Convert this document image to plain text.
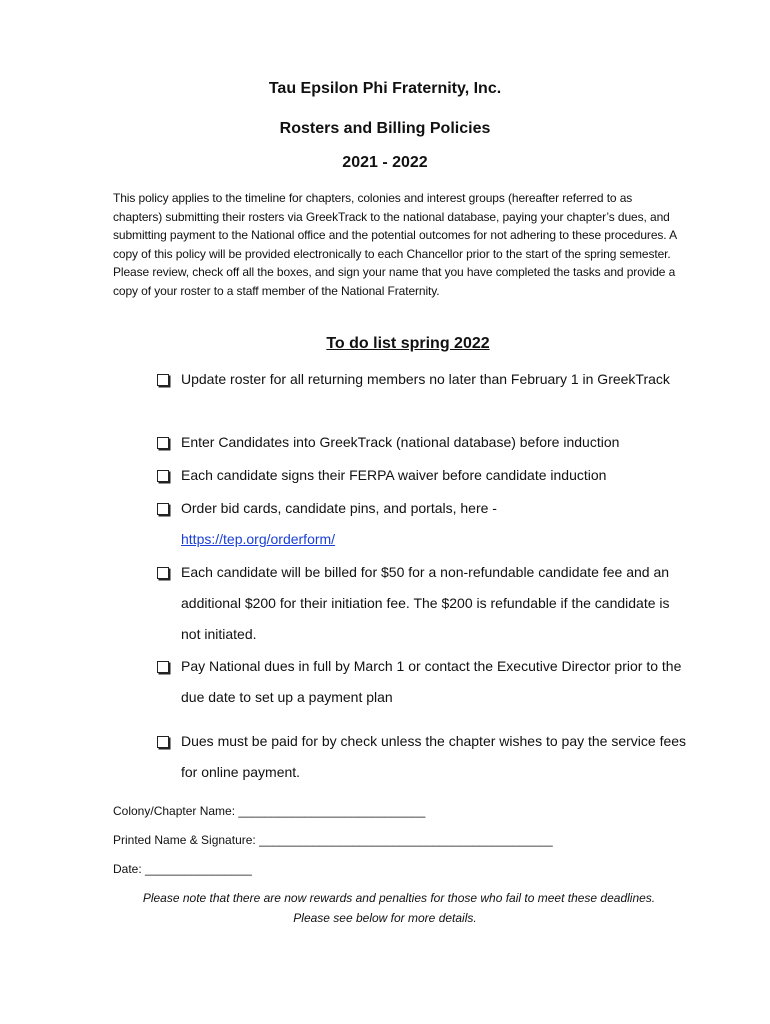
Tau Epsilon Phi Fraternity, Inc.
Rosters and Billing Policies
2021 - 2022

This policy applies to the timeline for chapters, colonies and interest groups (hereafter referred to as chapters) submitting their rosters via GreekTrack to the national database, paying your chapter’s dues, and submitting payment to the National office and the potential outcomes for not adhering to these procedures. A copy of this policy will be provided electronically to each Chancellor prior to the start of the spring semester. Please review, check off all the boxes, and sign your name that you have completed the tasks and provide a copy of your roster to a staff member of the National Fraternity.

To do list spring 2022
Update roster for all returning members no later than February 1 in GreekTrack
Enter Candidates into GreekTrack (national database) before induction
Each candidate signs their FERPA waiver before candidate induction
Order bid cards, candidate pins, and portals, here -
https://tep.org/orderform/
Each candidate will be billed for $50 for a non-refundable candidate fee and an additional $200 for their initiation fee. The $200 is refundable if the candidate is not initiated.
Pay National dues in full by March 1 or contact the Executive Director prior to the due date to set up a payment plan
Dues must be paid for by check unless the chapter wishes to pay the service fees for online payment.

Colony/Chapter Name: ____________________________

Printed Name & Signature: ____________________________________________

Date: ________________

Please note that there are now rewards and penalties for those who fail to meet these deadlines.

Please see below for more details.
